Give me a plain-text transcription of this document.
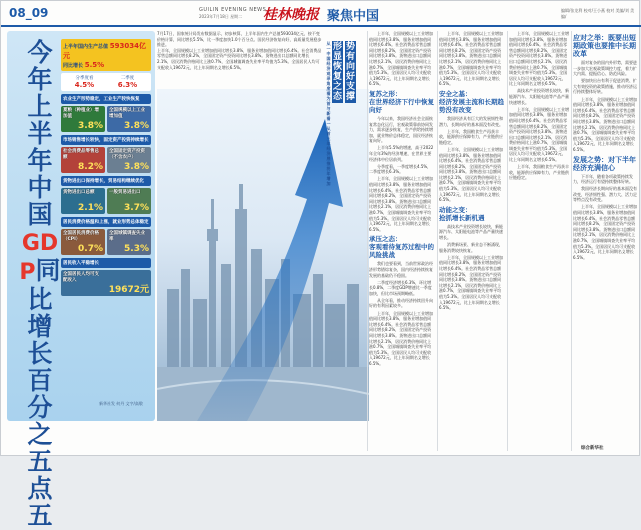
08_09	GUILIN EVENING NEWS
2023年7月18日 星期二 桂林晚报 聚焦中国	编辑/张龙利 校对/王小燕 校对 美编/刘 美编/
今年上半年中国GDP同比增长百分之五点五
上半年国内生产总值 593034亿元
同比增长 5.5%
分季度看
4.5%
二季度
6.3%
农业生产形势稳定，工业生产较快恢复
夏粮（种植业）增加值
3.8%
全国规模以上工业增加值
3.8%
市场销售增长较快，固定资产投资持续增长
社会消费品零售总额
8.2%
全国固定资产投资（不含农户）
3.8%
货物进出口保持增长，贸易结构继续优化
货物进出口总额
2.1%
一般贸易进出口
3.7%
居民消费价格温和上涨，就业形势总体稳定
全国居民消费价格（CPI）
0.7%
全国城镇调查失业率
5.3%
居民收入平稳增长
全国居民人均可支配收入
19672元
新华社发 何丹 文字/高敬
从一中国经济观录角度看为首与新看一从首三年经济展推拐年增加形 显恢复之态势 有向好支撑

7月17日，国家统计局发布数据显示，初步核算，上半年国内生产总值593034亿元，按不变价格计算，同比增长5.5%，比一季度加快1.0个百分点。国民经济恢复向好，高质量发展稳步推进。

上半年，全国规模以上工业增加值同比增长3.8%，服务业增加值同比增长6.4%。社会消费品零售总额同比增长8.2%，全国固定资产投资同比增长3.8%。货物进出口总额同比增长2.1%，居民消费价格同比上涨0.7%，全国城镇调查失业率平均值为5.3%。全国居民人均可支配收入19672元，比上年同期名义增长6.5%。

上半年，全国规模以上工业增加值同比增长3.8%，服务业增加值同比增长6.4%。社会消费品零售总额同比增长8.2%，全国固定资产投资同比增长3.8%。货物进出口总额同比增长2.1%，居民消费价格同比上涨0.7%，全国城镇调查失业率平均值为5.3%。全国居民人均可支配收入19672元，比上年同期名义增长6.5%。

复苏之形：
在世界经济下行中恢复向好

今年以来，我国经济社会全面恢复常态化运行，宏观政策靠前协同发力，需求逐步恢复，生产供给持续增加，就业物价总体稳定，国民经济恢复向好。

上半年5.5%的增速，高于2022年全年3%的经济增速，在世界主要经济体中位居前列。

分季度看，一季度增长4.5%，二季度增长6.3%。

上半年，全国规模以上工业增加值同比增长3.8%，服务业增加值同比增长6.4%。社会消费品零售总额同比增长8.2%，全国固定资产投资同比增长3.8%。货物进出口总额同比增长2.1%，居民消费价格同比上涨0.7%，全国城镇调查失业率平均值为5.3%。全国居民人均可支配收入19672元，比上年同期名义增长6.5%。

承压之态：
客观看待复苏过程中的风险挑战

我们也要看到，当前世界政治经济形势错综复杂，国内经济持续恢复发展的基础仍不稳固。

二季度经济增长6.3%，环比增长0.8%，二季度GDP增速比一季度加快，但比市场预期略低。

从全年看，推动经济持续回升向好的有利因素较多。

上半年，全国规模以上工业增加值同比增长3.8%，服务业增加值同比增长6.4%。社会消费品零售总额同比增长8.2%，全国固定资产投资同比增长3.8%。货物进出口总额同比增长2.1%，居民消费价格同比上涨0.7%，全国城镇调查失业率平均值为5.3%。全国居民人均可支配收入19672元，比上年同期名义增长6.5%。

上半年，全国规模以上工业增加值同比增长3.8%，服务业增加值同比增长6.4%。社会消费品零售总额同比增长8.2%，全国固定资产投资同比增长3.8%。货物进出口总额同比增长2.1%，居民消费价格同比上涨0.7%，全国城镇调查失业率平均值为5.3%。全国居民人均可支配收入19672元，比上年同期名义增长6.5%。

安全之基：
经济发展主流和长期趋势没有改变

我国经济具有巨大的发展韧性和潜力，长期向好的基本面没有改变。

上半年，我国粮食生产再获丰收，能源供应保障有力，产业链供应链稳定。

上半年，全国规模以上工业增加值同比增长3.8%，服务业增加值同比增长6.4%。社会消费品零售总额同比增长8.2%，全国固定资产投资同比增长3.8%。货物进出口总额同比增长2.1%，居民消费价格同比上涨0.7%，全国城镇调查失业率平均值为5.3%。全国居民人均可支配收入19672元，比上年同期名义增长6.5%。

动能之变：
抢抓增长新机遇

高技术产业投资增长较快，新能源汽车、太阳能电池等产品产量快速增长。

消费新场景、新业态不断涌现，服务消费较快恢复。

上半年，全国规模以上工业增加值同比增长3.8%，服务业增加值同比增长6.4%。社会消费品零售总额同比增长8.2%，全国固定资产投资同比增长3.8%。货物进出口总额同比增长2.1%，居民消费价格同比上涨0.7%，全国城镇调查失业率平均值为5.3%。全国居民人均可支配收入19672元，比上年同期名义增长6.5%。

上半年，全国规模以上工业增加值同比增长3.8%，服务业增加值同比增长6.4%。社会消费品零售总额同比增长8.2%，全国固定资产投资同比增长3.8%。货物进出口总额同比增长2.1%，居民消费价格同比上涨0.7%，全国城镇调查失业率平均值为5.3%。全国居民人均可支配收入19672元，比上年同期名义增长6.5%。

高技术产业投资增长较快，新能源汽车、太阳能电池等产品产量快速增长。

上半年，全国规模以上工业增加值同比增长3.8%，服务业增加值同比增长6.4%。社会消费品零售总额同比增长8.2%，全国固定资产投资同比增长3.8%。货物进出口总额同比增长2.1%，居民消费价格同比上涨0.7%，全国城镇调查失业率平均值为5.3%。全国居民人均可支配收入19672元，比上年同期名义增长6.5%。

上半年，我国粮食生产再获丰收，能源供应保障有力，产业链供应链稳定。

应对之举：既要出短期政策也要推中长期改革

面对复杂的国内外形势，需要进一步加大宏观政策调控力度，着力扩大内需、提振信心、防范风险。

要加快出台有利于促进消费、扩大有效投资的政策措施，推动经济运行持续整体好转。

上半年，全国规模以上工业增加值同比增长3.8%，服务业增加值同比增长6.4%。社会消费品零售总额同比增长8.2%，全国固定资产投资同比增长3.8%。货物进出口总额同比增长2.1%，居民消费价格同比上涨0.7%，全国城镇调查失业率平均值为5.3%。全国居民人均可支配收入19672元，比上年同期名义增长6.5%。

发展之势：对下半年经济充满信心

下半年，随着各项政策持续发力，经济运行有望持续整体好转。

我国经济长期向好的基本面没有改变，经济韧性强、潜力大、活力足等特点没有改变。

上半年，全国规模以上工业增加值同比增长3.8%，服务业增加值同比增长6.4%。社会消费品零售总额同比增长8.2%，全国固定资产投资同比增长3.8%。货物进出口总额同比增长2.1%，居民消费价格同比上涨0.7%，全国城镇调查失业率平均值为5.3%。全国居民人均可支配收入19672元，比上年同期名义增长6.5%。

综合新华社
